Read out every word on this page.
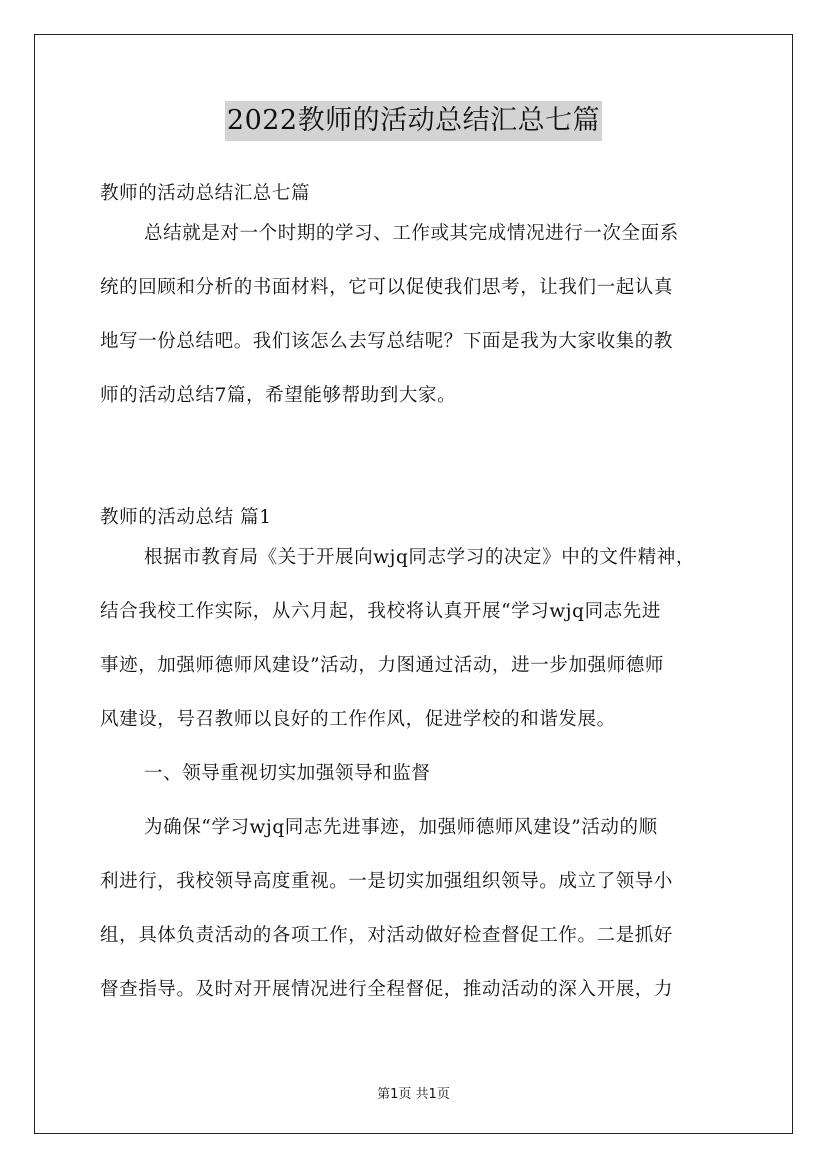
2022教师的活动总结汇总七篇
教师的活动总结汇总七篇
总结就是对一个时期的学习、工作或其完成情况进行一次全面系
统的回顾和分析的书面材料，它可以促使我们思考，让我们一起认真
地写一份总结吧。我们该怎么去写总结呢？下面是我为大家收集的教
师的活动总结7篇，希望能够帮助到大家。
教师的活动总结 篇1
根据市教育局《关于开展向wjq同志学习的决定》中的文件精神，
结合我校工作实际，从六月起，我校将认真开展“学习wjq同志先进
事迹，加强师德师风建设”活动，力图通过活动，进一步加强师德师
风建设，号召教师以良好的工作作风，促进学校的和谐发展。
一、领导重视切实加强领导和监督
为确保“学习wjq同志先进事迹，加强师德师风建设”活动的顺
利进行，我校领导高度重视。一是切实加强组织领导。成立了领导小
组，具体负责活动的各项工作，对活动做好检查督促工作。二是抓好
督查指导。及时对开展情况进行全程督促，推动活动的深入开展，力
第1页 共1页
